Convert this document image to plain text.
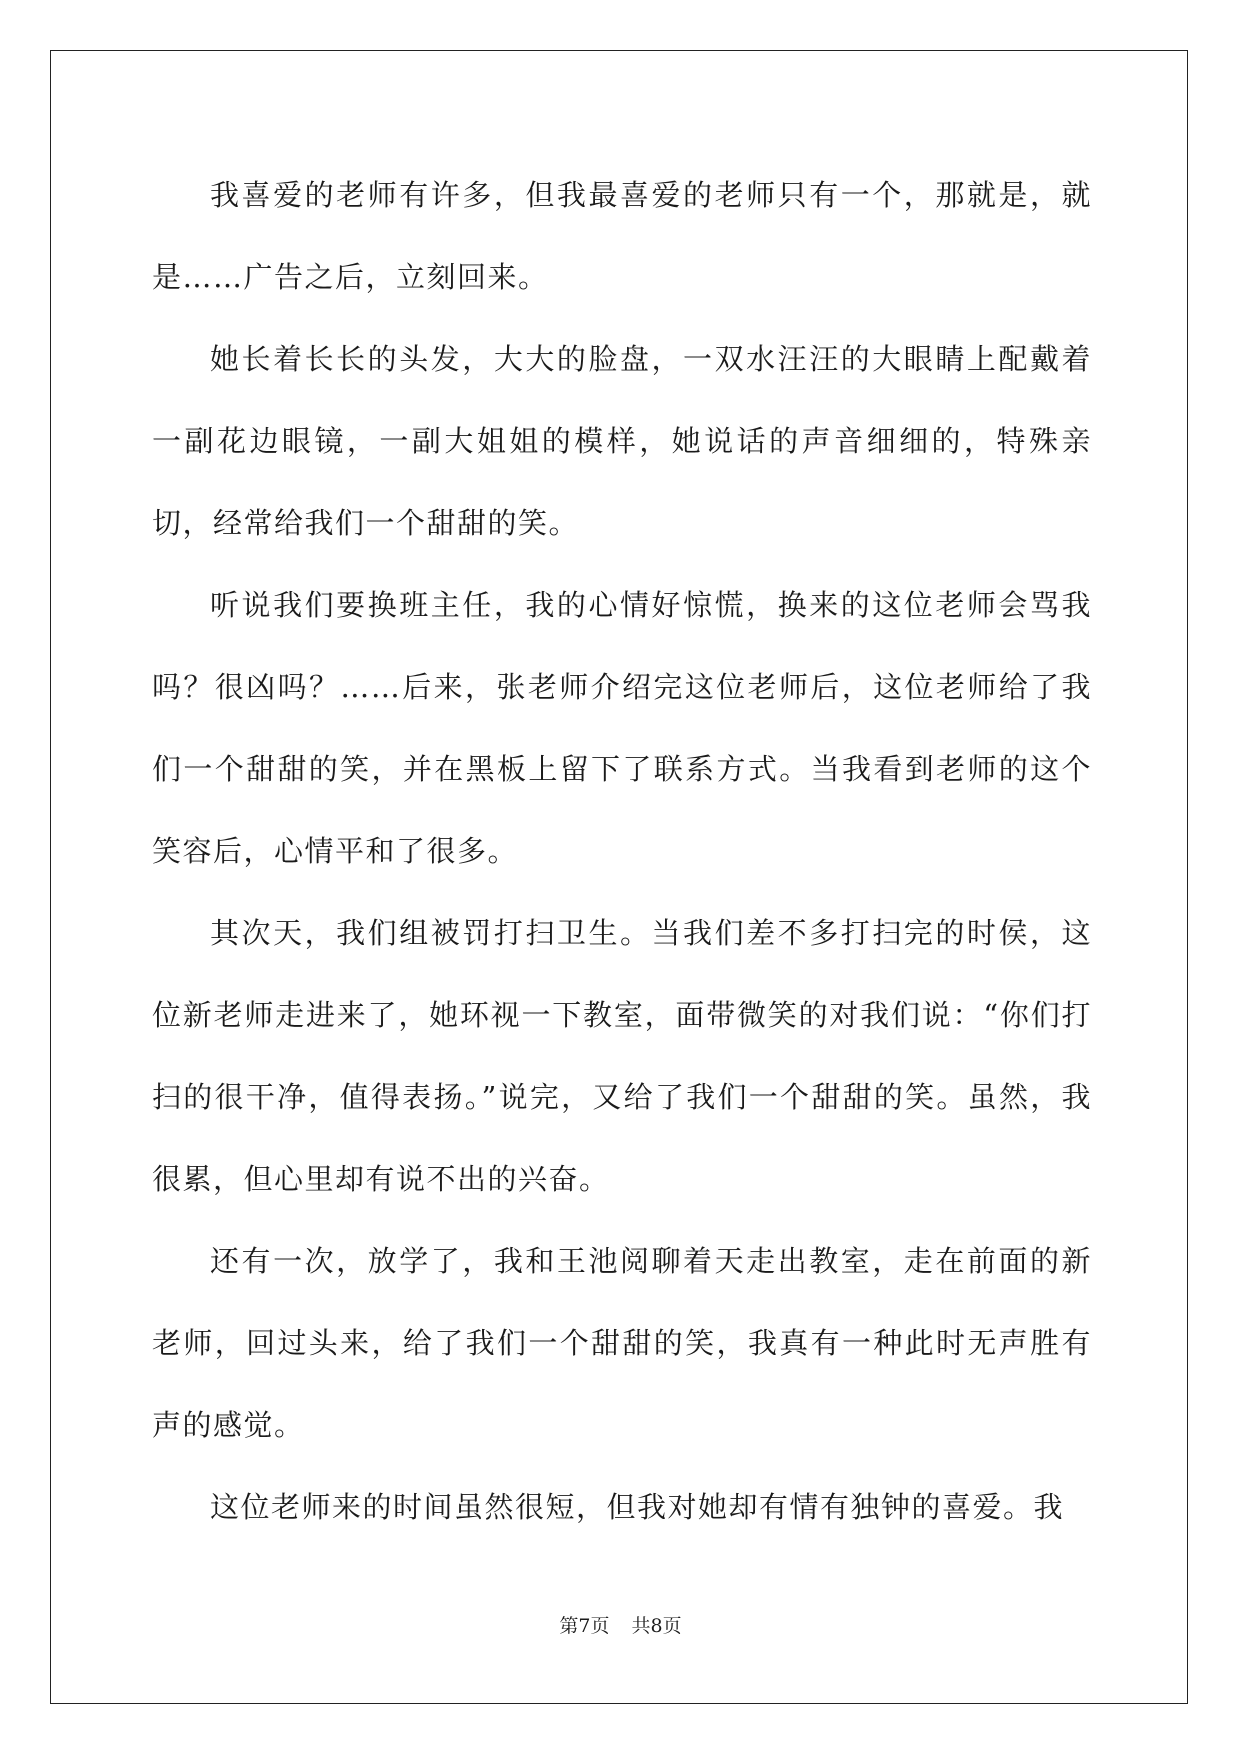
我喜爱的老师有许多，但我最喜爱的老师只有一个，那就是，就是……广告之后，立刻回来。

她长着长长的头发，大大的脸盘，一双水汪汪的大眼睛上配戴着一副花边眼镜，一副大姐姐的模样，她说话的声音细细的，特殊亲切，经常给我们一个甜甜的笑。

听说我们要换班主任，我的心情好惊慌，换来的这位老师会骂我吗？很凶吗？……后来，张老师介绍完这位老师后，这位老师给了我们一个甜甜的笑，并在黑板上留下了联系方式。当我看到老师的这个笑容后，心情平和了很多。

其次天，我们组被罚打扫卫生。当我们差不多打扫完的时侯，这位新老师走进来了，她环视一下教室，面带微笑的对我们说：“你们打扫的很干净，值得表扬。”说完，又给了我们一个甜甜的笑。虽然，我很累，但心里却有说不出的兴奋。

还有一次，放学了，我和王池阅聊着天走出教室，走在前面的新老师，回过头来，给了我们一个甜甜的笑，我真有一种此时无声胜有声的感觉。

这位老师来的时间虽然很短，但我对她却有情有独钟的喜爱。我

第7页 共8页
